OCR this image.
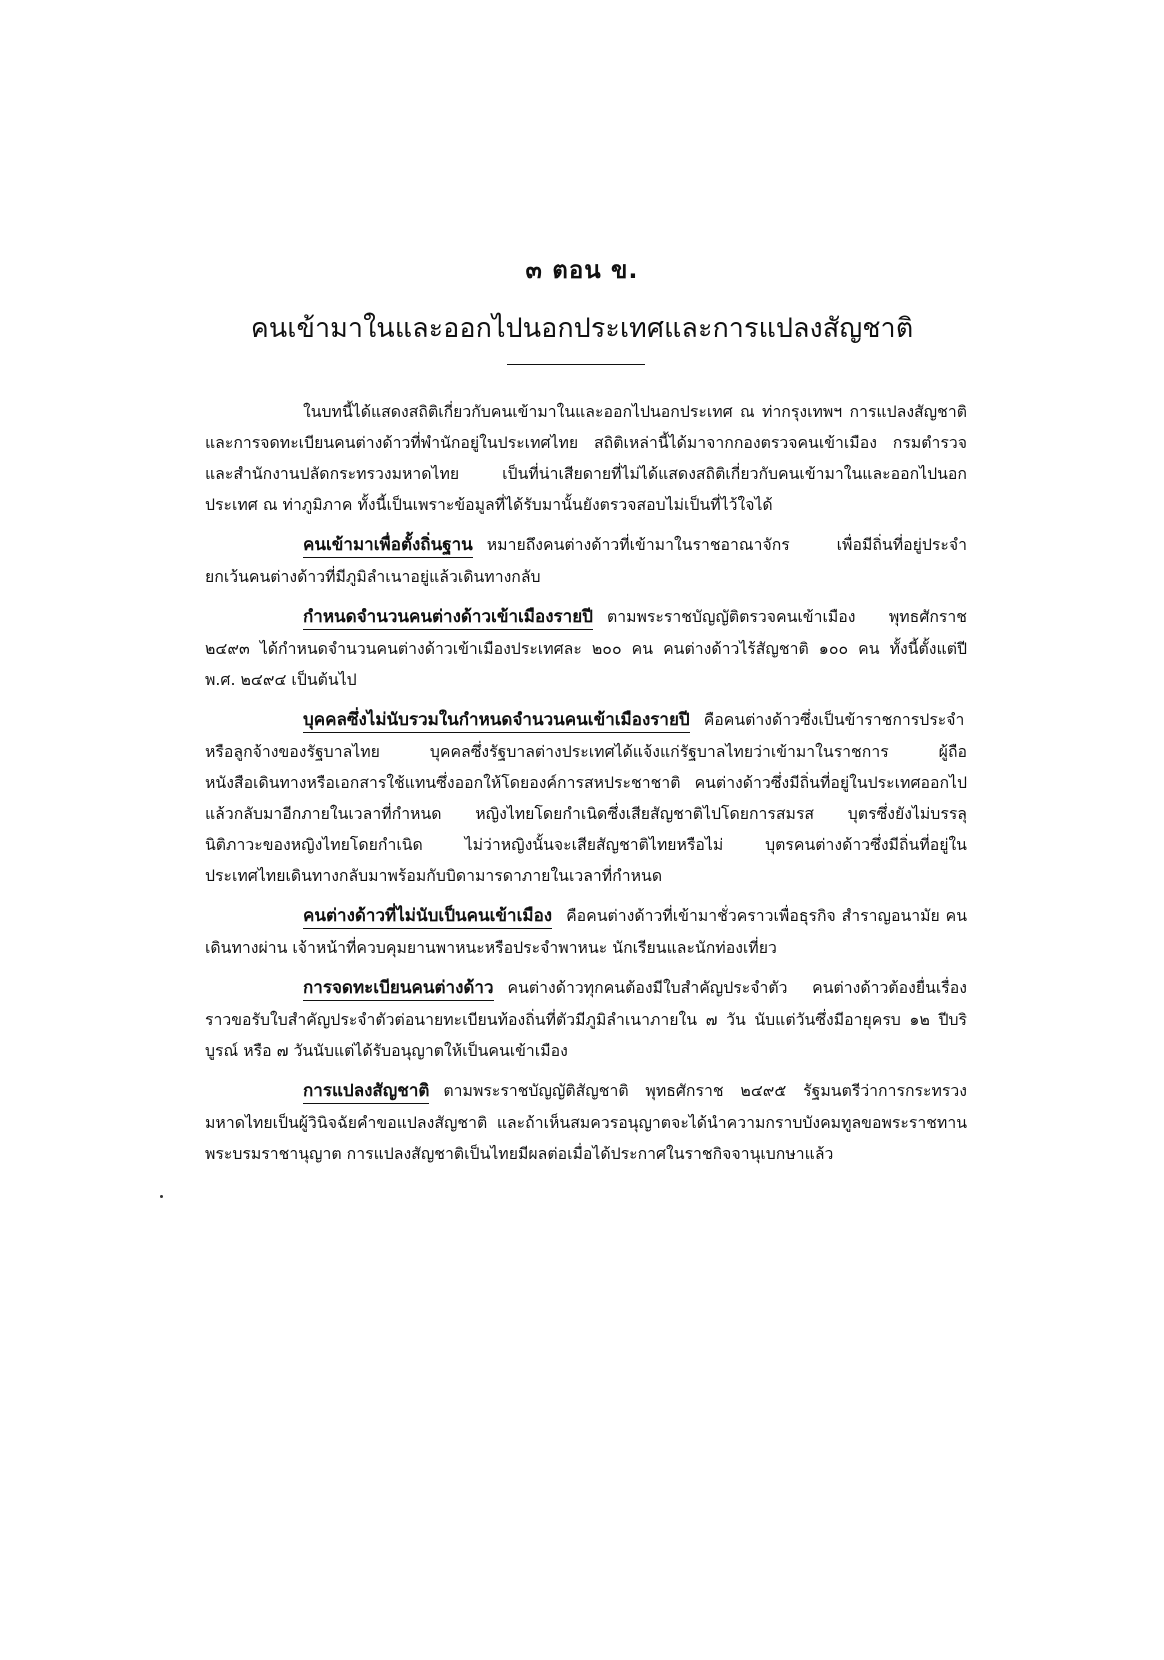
๓ ตอน ข.
คนเข้ามาในและออกไปนอกประเทศและการแปลงสัญชาติ

ในบทนี้ได้แสดงสถิติเกี่ยวกับคนเข้ามาในและออกไปนอกประเทศ ณ ท่ากรุงเทพฯ การแปลงสัญชาติและการจดทะเบียนคนต่างด้าวที่พำนักอยู่ในประเทศไทย สถิติเหล่านี้ได้มาจากกองตรวจคนเข้าเมือง กรมตำรวจ และสำนักงานปลัดกระทรวงมหาดไทย เป็นที่น่าเสียดายที่ไม่ได้แสดงสถิติเกี่ยวกับคนเข้ามาในและออกไปนอกประเทศ ณ ท่าภูมิภาค ทั้งนี้เป็นเพราะข้อมูลที่ได้รับมานั้นยังตรวจสอบไม่เป็นที่ไว้ใจได้

คนเข้ามาเพื่อตั้งถิ่นฐาน หมายถึงคนต่างด้าวที่เข้ามาในราชอาณาจักร เพื่อมีถิ่นที่อยู่ประจำ ยกเว้นคนต่างด้าวที่มีภูมิลำเนาอยู่แล้วเดินทางกลับ

กำหนดจำนวนคนต่างด้าวเข้าเมืองรายปี ตามพระราชบัญญัติตรวจคนเข้าเมือง พุทธศักราช ๒๔๙๓ ได้กำหนดจำนวนคนต่างด้าวเข้าเมืองประเทศละ ๒๐๐ คน คนต่างด้าวไร้สัญชาติ ๑๐๐ คน ทั้งนี้ตั้งแต่ปี พ.ศ. ๒๔๙๔ เป็นต้นไป

บุคคลซึ่งไม่นับรวมในกำหนดจำนวนคนเข้าเมืองรายปี คือคนต่างด้าวซึ่งเป็นข้าราชการประจำหรือลูกจ้างของรัฐบาลไทย บุคคลซึ่งรัฐบาลต่างประเทศได้แจ้งแก่รัฐบาลไทยว่าเข้ามาในราชการ ผู้ถือหนังสือเดินทางหรือเอกสารใช้แทนซึ่งออกให้โดยองค์การสหประชาชาติ คนต่างด้าวซึ่งมีถิ่นที่อยู่ในประเทศออกไปแล้วกลับมาอีกภายในเวลาที่กำหนด หญิงไทยโดยกำเนิดซึ่งเสียสัญชาติไปโดยการสมรส บุตรซึ่งยังไม่บรรลุนิติภาวะของหญิงไทยโดยกำเนิด ไม่ว่าหญิงนั้นจะเสียสัญชาติไทยหรือไม่ บุตรคนต่างด้าวซึ่งมีถิ่นที่อยู่ในประเทศไทยเดินทางกลับมาพร้อมกับบิดามารดาภายในเวลาที่กำหนด

คนต่างด้าวที่ไม่นับเป็นคนเข้าเมือง คือคนต่างด้าวที่เข้ามาชั่วคราวเพื่อธุรกิจ สำราญอนามัย คนเดินทางผ่าน เจ้าหน้าที่ควบคุมยานพาหนะหรือประจำพาหนะ นักเรียนและนักท่องเที่ยว

การจดทะเบียนคนต่างด้าว คนต่างด้าวทุกคนต้องมีใบสำคัญประจำตัว คนต่างด้าวต้องยื่นเรื่องราวขอรับใบสำคัญประจำตัวต่อนายทะเบียนท้องถิ่นที่ตัวมีภูมิลำเนาภายใน ๗ วัน นับแต่วันซึ่งมีอายุครบ ๑๒ ปีบริบูรณ์ หรือ ๗ วันนับแต่ได้รับอนุญาตให้เป็นคนเข้าเมือง

การแปลงสัญชาติ ตามพระราชบัญญัติสัญชาติ พุทธศักราช ๒๔๙๕ รัฐมนตรีว่าการกระทรวงมหาดไทยเป็นผู้วินิจฉัยคำขอแปลงสัญชาติ และถ้าเห็นสมควรอนุญาตจะได้นำความกราบบังคมทูลขอพระราชทานพระบรมราชานุญาต การแปลงสัญชาติเป็นไทยมีผลต่อเมื่อได้ประกาศในราชกิจจานุเบกษาแล้ว
